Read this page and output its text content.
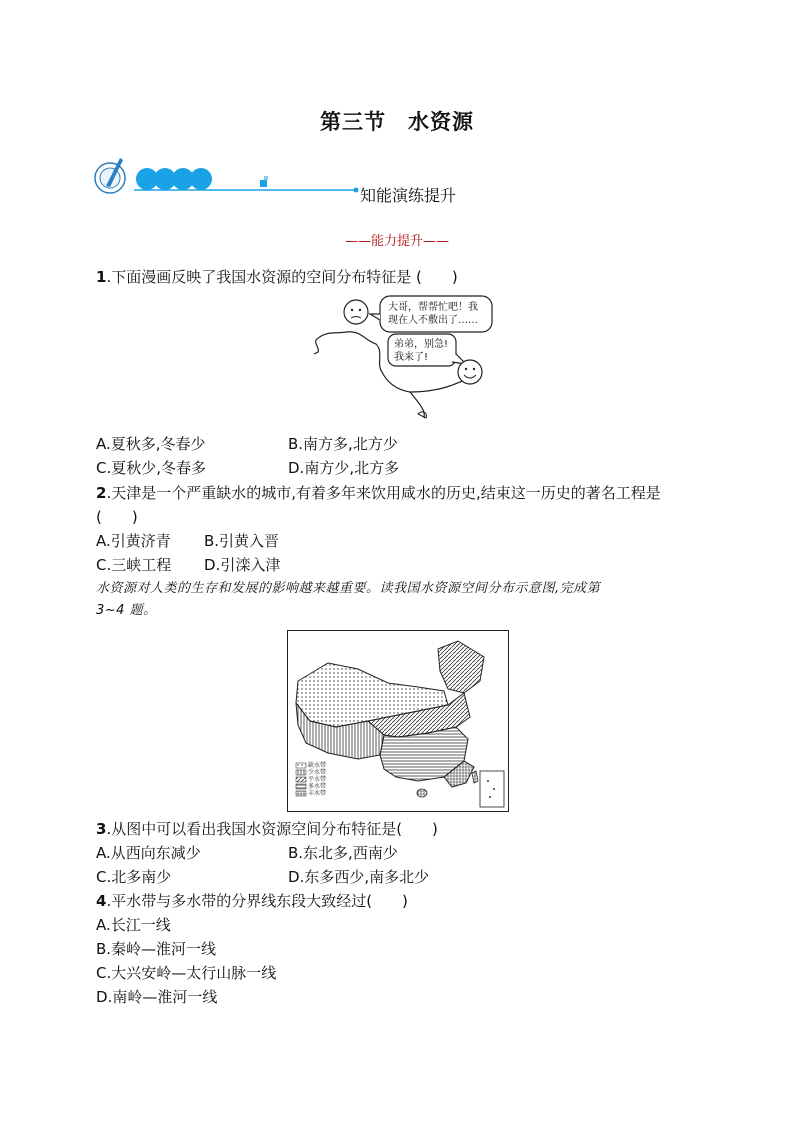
第三节　水资源
知能演练提升
——能力提升——
1.下面漫画反映了我国水资源的空间分布特征是 (　　)
大哥，帮帮忙吧！我
现在人不敷出了……
弟弟，别急!
我来了!
A.夏秋多,冬春少	B.南方多,北方少
C.夏秋少,冬春多	D.南方少,北方多
2.天津是一个严重缺水的城市,有着多年来饮用咸水的历史,结束这一历史的著名工程是
(　　)
A.引黄济青 B.引黄入晋
C.三峡工程 D.引滦入津
水资源对人类的生存和发展的影响越来越重要。读我国水资源空间分布示意图,完成第
3~4 题。
缺水带
少水带
平水带
多水带
丰水带
3.从图中可以看出我国水资源空间分布特征是(　　)
A.从西向东减少	B.东北多,西南少
C.北多南少	D.东多西少,南多北少
4.平水带与多水带的分界线东段大致经过(　　)
A.长江一线
B.秦岭—淮河一线
C.大兴安岭—太行山脉一线
D.南岭—淮河一线
